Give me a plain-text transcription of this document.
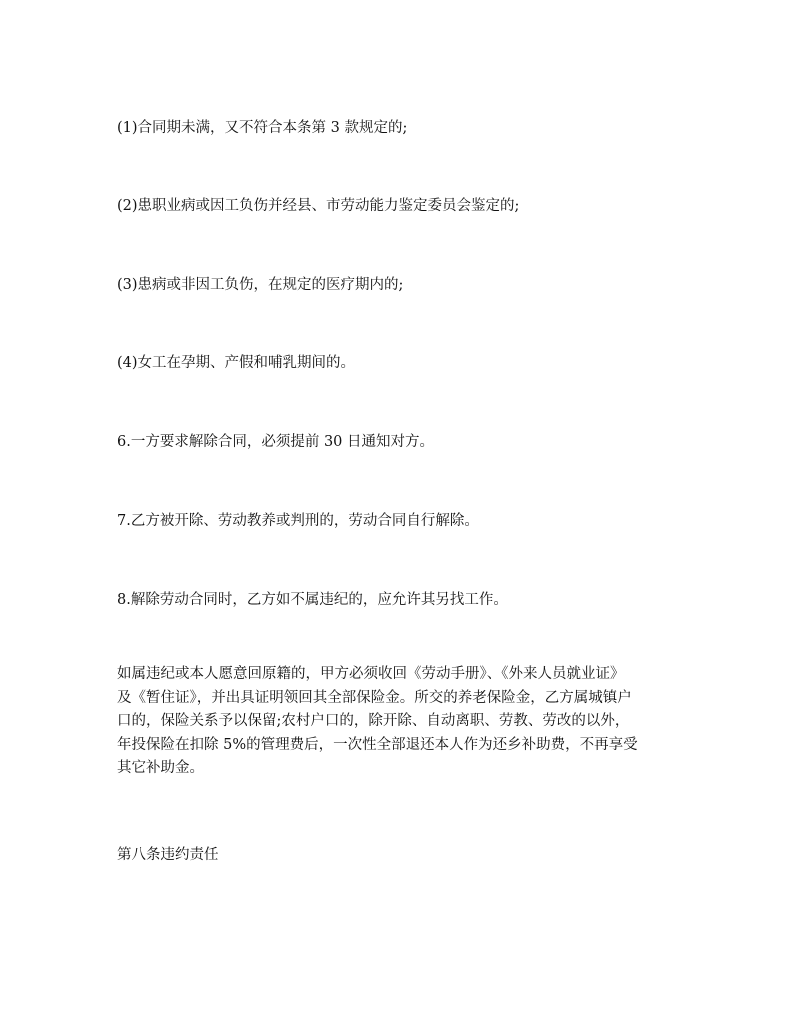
(1)合同期未满，又不符合本条第 3 款规定的;

(2)患职业病或因工负伤并经县、市劳动能力鉴定委员会鉴定的;

(3)患病或非因工负伤，在规定的医疗期内的;

(4)女工在孕期、产假和哺乳期间的。

6.一方要求解除合同，必须提前 30 日通知对方。

7.乙方被开除、劳动教养或判刑的，劳动合同自行解除。

8.解除劳动合同时，乙方如不属违纪的，应允许其另找工作。

如属违纪或本人愿意回原籍的，甲方必须收回《劳动手册》、《外来人员就业证》
及《暂住证》，并出具证明领回其全部保险金。所交的养老保险金，乙方属城镇户
口的，保险关系予以保留;农村户口的，除开除、自动离职、劳教、劳改的以外，
年投保险在扣除 5%的管理费后，一次性全部退还本人作为还乡补助费，不再享受
其它补助金。

第八条违约责任
